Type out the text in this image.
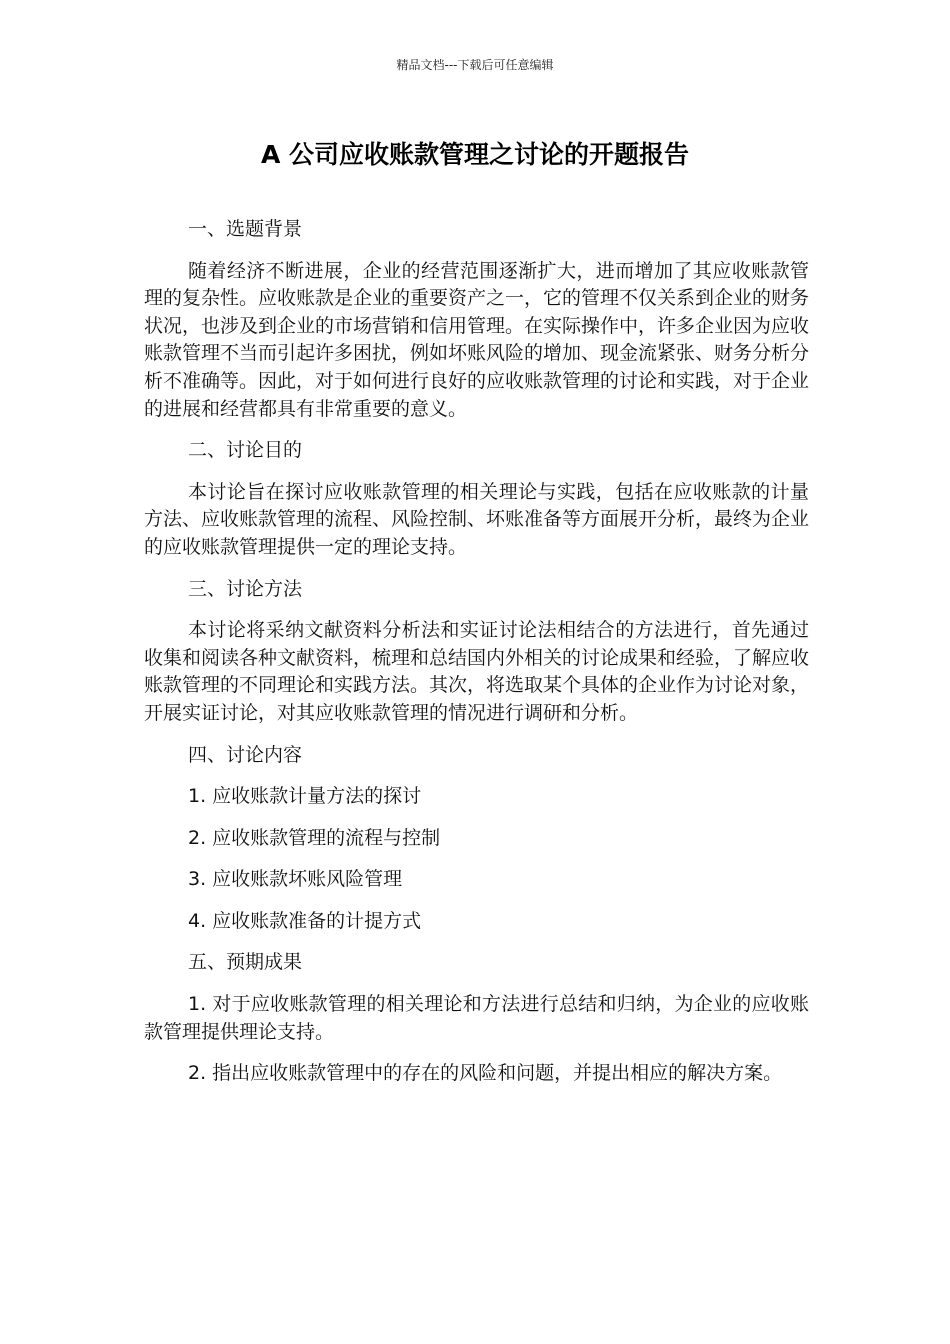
精品文档---下载后可任意编辑
A 公司应收账款管理之讨论的开题报告
一、选题背景
随着经济不断进展，企业的经营范围逐渐扩大，进而增加了其应收账款管理的复杂性。应收账款是企业的重要资产之一，它的管理不仅关系到企业的财务状况，也涉及到企业的市场营销和信用管理。在实际操作中，许多企业因为应收账款管理不当而引起许多困扰，例如坏账风险的增加、现金流紧张、财务分析分析不准确等。因此，对于如何进行良好的应收账款管理的讨论和实践，对于企业的进展和经营都具有非常重要的意义。
二、讨论目的
本讨论旨在探讨应收账款管理的相关理论与实践，包括在应收账款的计量方法、应收账款管理的流程、风险控制、坏账准备等方面展开分析，最终为企业的应收账款管理提供一定的理论支持。
三、讨论方法
本讨论将采纳文献资料分析法和实证讨论法相结合的方法进行，首先通过收集和阅读各种文献资料，梳理和总结国内外相关的讨论成果和经验，了解应收账款管理的不同理论和实践方法。其次，将选取某个具体的企业作为讨论对象，开展实证讨论，对其应收账款管理的情况进行调研和分析。
四、讨论内容
1. 应收账款计量方法的探讨
2. 应收账款管理的流程与控制
3. 应收账款坏账风险管理
4. 应收账款准备的计提方式
五、预期成果
1. 对于应收账款管理的相关理论和方法进行总结和归纳，为企业的应收账款管理提供理论支持。
2. 指出应收账款管理中的存在的风险和问题，并提出相应的解决方案。
